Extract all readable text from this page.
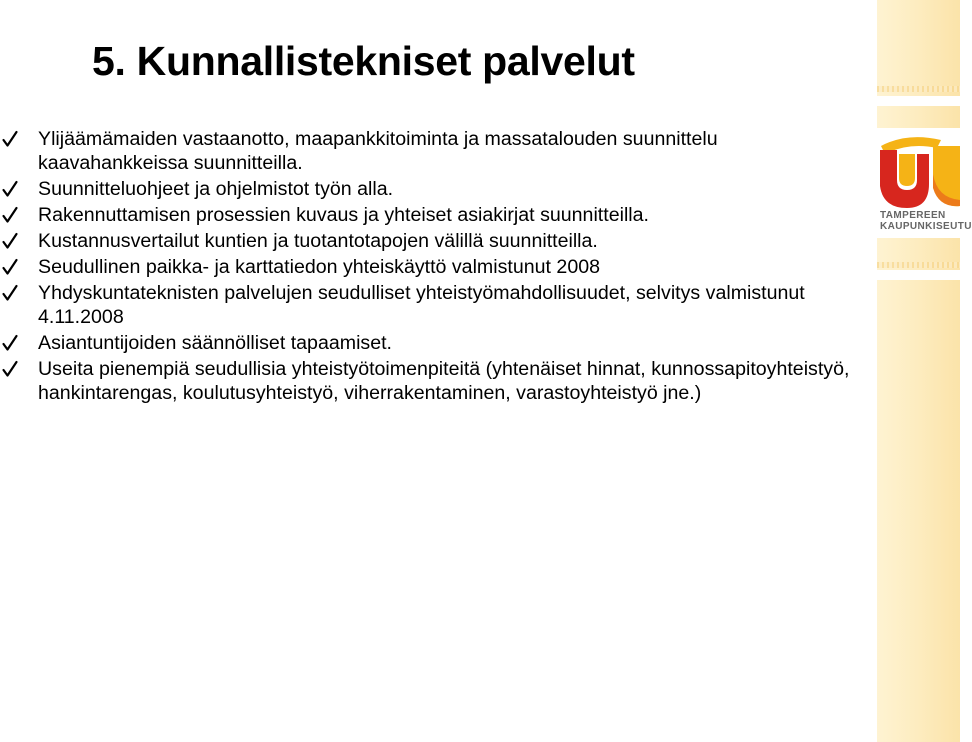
TAMPEREEN
KAUPUNKISEUTU
5. Kunnallistekniset palvelut
Ylijäämämaiden vastaanotto, maapankkitoiminta ja massatalouden suunnittelu kaavahankkeissa suunnitteilla.
Suunnitteluohjeet ja ohjelmistot työn alla.
Rakennuttamisen prosessien kuvaus ja yhteiset asiakirjat suunnitteilla.
Kustannusvertailut kuntien ja tuotantotapojen välillä suunnitteilla.
Seudullinen paikka- ja karttatiedon yhteiskäyttö valmistunut 2008
Yhdyskuntateknisten palvelujen seudulliset yhteistyömahdollisuudet, selvitys valmistunut 4.11.2008
Asiantuntijoiden säännölliset tapaamiset.
Useita pienempiä seudullisia yhteistyötoimenpiteitä (yhtenäiset hinnat, kunnossapitoyhteistyö, hankintarengas, koulutusyhteistyö, viherrakentaminen, varastoyhteistyö jne.)
